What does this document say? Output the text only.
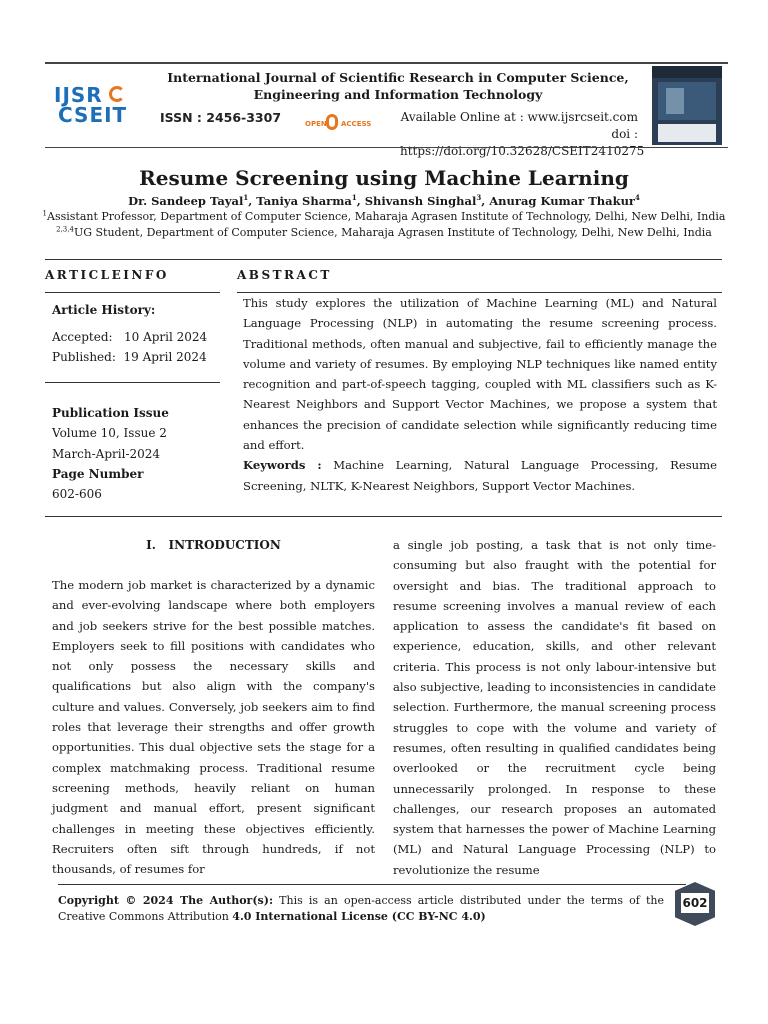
IJSR
CSEIT
International Journal of Scientific Research in Computer Science, Engineering and Information Technology
ISSN : 2456-3307	OPEN ACCESS Available Online at : www.ijsrcseit.com
doi : https://doi.org/10.32628/CSEIT2410275
Resume Screening using Machine Learning
Dr. Sandeep Tayal$^1$, Taniya Sharma$^1$, Shivansh Singhal$^3$, Anurag Kumar Thakur$^4$
$^1$Assistant Professor, Department of Computer Science, Maharaja Agrasen Institute of Technology, Delhi, New Delhi, India
$^{2,3,4}$UG Student, Department of Computer Science, Maharaja Agrasen Institute of Technology, Delhi, New Delhi, India
ARTICLEINFO	ABSTRACT
Article History:
Accepted:   10 April 2024
Published:  19 April 2024
Publication Issue
Volume 10, Issue 2
March-April-2024
Page Number
602-606
This study explores the utilization of Machine Learning (ML) and Natural Language Processing (NLP) in automating the resume screening process. Traditional methods, often manual and subjective, fail to efficiently manage the volume and variety of resumes. By employing NLP techniques like named entity recognition and part-of-speech tagging, coupled with ML classifiers such as K-Nearest Neighbors and Support Vector Machines, we propose a system that enhances the precision of candidate selection while significantly reducing time and effort.
Keywords : Machine Learning, Natural Language Processing, Resume Screening, NLTK, K-Nearest Neighbors, Support Vector Machines.
I.   INTRODUCTION
The modern job market is characterized by a dynamic and ever-evolving landscape where both employers and job seekers strive for the best possible matches. Employers seek to fill positions with candidates who not only possess the necessary skills and qualifications but also align with the company's culture and values. Conversely, job seekers aim to find roles that leverage their strengths and offer growth opportunities. This dual objective sets the stage for a complex matchmaking process. Traditional resume screening methods, heavily reliant on human judgment and manual effort, present significant challenges in meeting these objectives efficiently. Recruiters often sift through hundreds, if not thousands, of resumes for
a single job posting, a task that is not only time-consuming but also fraught with the potential for oversight and bias. The traditional approach to resume screening involves a manual review of each application to assess the candidate's fit based on experience, education, skills, and other relevant criteria. This process is not only labour-intensive but also subjective, leading to inconsistencies in candidate selection. Furthermore, the manual screening process struggles to cope with the volume and variety of resumes, often resulting in qualified candidates being overlooked or the recruitment cycle being unnecessarily prolonged. In response to these challenges, our research proposes an automated system that harnesses the power of Machine Learning (ML) and Natural Language Processing (NLP) to revolutionize the resume
Copyright © 2024 The Author(s): This is an open-access article distributed under the terms of the Creative Commons Attribution 4.0 International License (CC BY-NC 4.0)
602
